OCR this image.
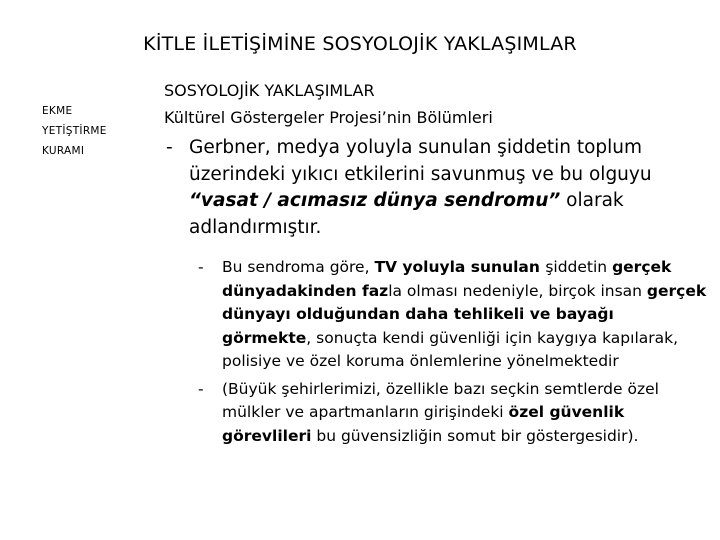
KİTLE İLETİŞİMİNE SOSYOLOJİK YAKLAŞIMLAR
EKME
YETİŞTİRME
KURAMI
SOSYOLOJİK YAKLAŞIMLAR
Kültürel Göstergeler Projesi’nin Bölümleri
- Gerbner, medya yoluyla sunulan şiddetin toplum üzerindeki yıkıcı etkilerini savunmuş ve bu olguyu “vasat / acımasız dünya sendromu” olarak adlandırmıştır.
- Bu sendroma göre, TV yoluyla sunulan şiddetin gerçek dünyadakinden fazla olması nedeniyle, birçok insan gerçek dünyayı olduğundan daha tehlikeli ve bayağı görmekte, sonuçta kendi güvenliği için kaygıya kapılarak, polisiye ve özel koruma önlemlerine yönelmektedir
- (Büyük şehirlerimizi, özellikle bazı seçkin semtlerde özel mülkler ve apartmanların girişindeki özel güvenlik görevlileri bu güvensizliğin somut bir göstergesidir).
